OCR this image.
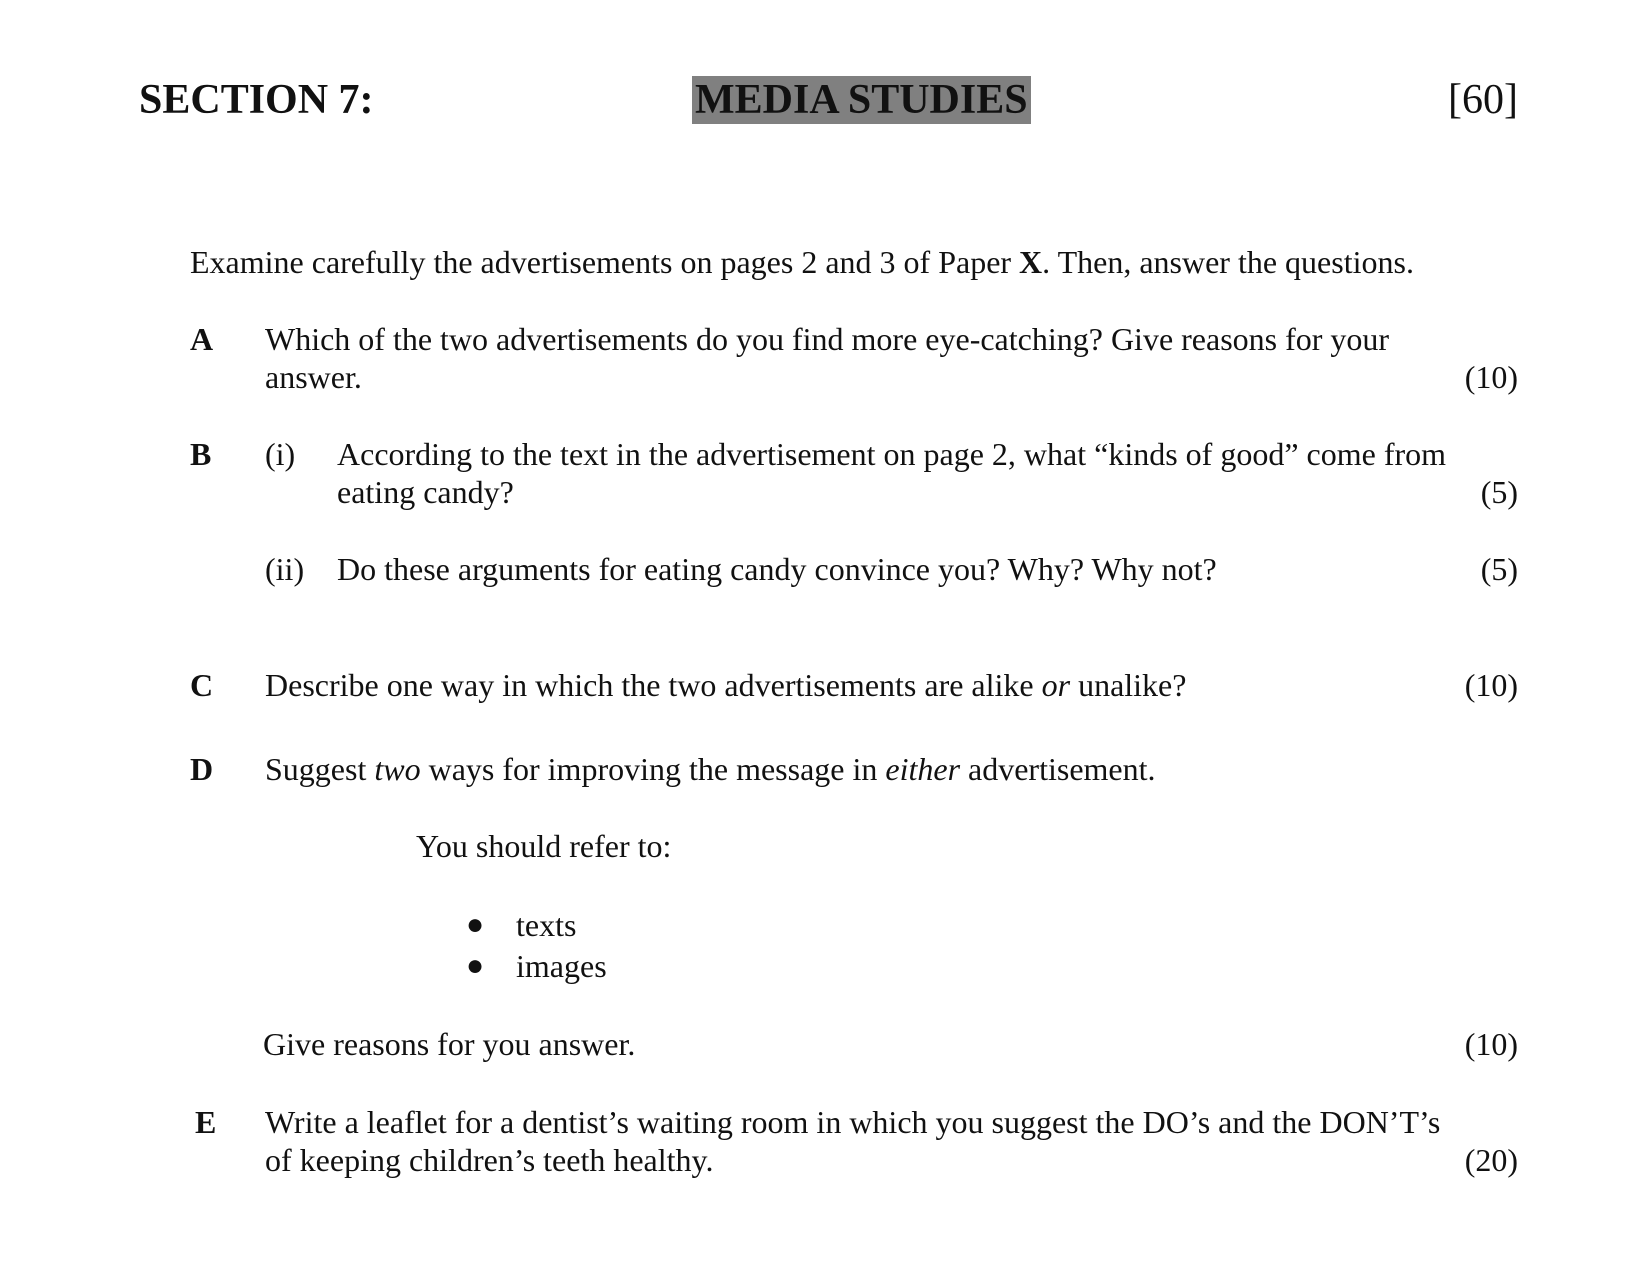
SECTION 7:	MEDIA STUDIES	[60]
Examine carefully the advertisements on pages 2 and 3 of Paper X. Then, answer the questions.
A Which of the two advertisements do you find more eye-catching? Give reasons for your
answer.	(10)
B (i) According to the text in the advertisement on page 2, what “kinds of good” come from
eating candy?	(5)
(ii) Do these arguments for eating candy convince you? Why? Why not?	(5)
C Describe one way in which the two advertisements are alike or unalike?	(10)
D Suggest two ways for improving the message in either advertisement.
You should refer to:
● texts
● images
Give reasons for you answer.	(10)
E Write a leaflet for a dentist’s waiting room in which you suggest the DO’s and the DON’T’s
of keeping children’s teeth healthy.	(20)
